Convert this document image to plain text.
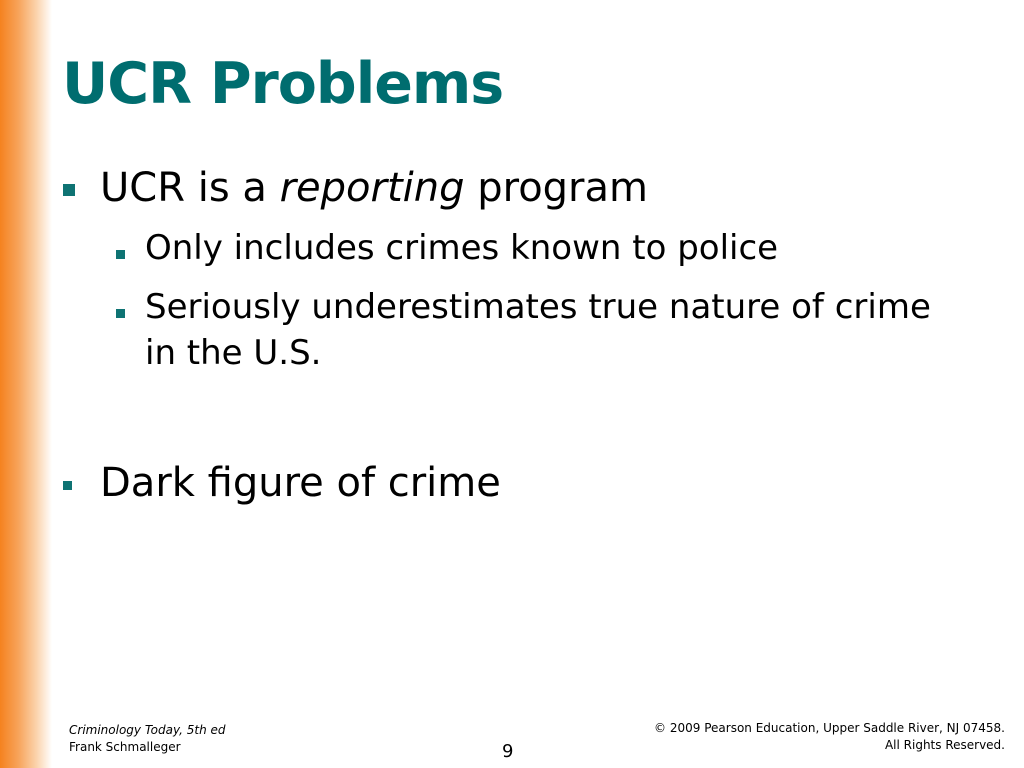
UCR Problems
UCR is a reporting program
Only includes crimes known to police
Seriously underestimates true nature of crime in the U.S.
Dark figure of crime
Criminology Today, 5th ed
Frank Schmalleger	9
© 2009 Pearson Education, Upper Saddle River, NJ 07458.
All Rights Reserved.
